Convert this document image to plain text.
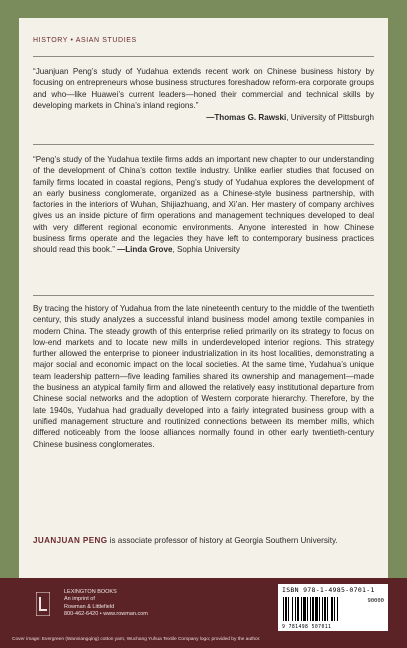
HISTORY • ASIAN STUDIES
“Juanjuan Peng’s study of Yudahua extends recent work on Chinese business history by focusing on entrepreneurs whose business structures foreshadow reform-era corporate groups and who—like Huawei’s current leaders—honed their commercial and technical skills by developing markets in China’s inland regions.”
—Thomas G. Rawski, University of Pittsburgh
“Peng’s study of the Yudahua textile firms adds an important new chapter to our understanding of the development of China’s cotton textile industry. Unlike earlier studies that focused on family firms located in coastal regions, Peng’s study of Yudahua explores the development of an early business conglomerate, organized as a Chinese-style business partnership, with factories in the interiors of Wuhan, Shijiazhuang, and Xi’an. Her mastery of company archives gives us an inside picture of firm operations and management techniques developed to deal with very different regional economic environments. Anyone interested in how Chinese business firms operate and the legacies they have left to contemporary business practices should read this book.” —Linda Grove, Sophia University
By tracing the history of Yudahua from the late nineteenth century to the middle of the twentieth century, this study analyzes a successful inland business model among textile companies in modern China. The steady growth of this enterprise relied primarily on its strategy to focus on low-end markets and to locate new mills in underdeveloped interior regions. This strategy further allowed the enterprise to pioneer industrialization in its host localities, demonstrating a major social and economic impact on the local societies. At the same time, Yudahua’s unique team leadership pattern—five leading families shared its ownership and management—made the business an atypical family firm and allowed the relatively easy institutional departure from Chinese social networks and the adoption of Western corporate hierarchy. Therefore, by the late 1940s, Yudahua had gradually developed into a fairly integrated business group with a unified management structure and routinized connections between its member mills, which differed noticeably from the loose alliances normally found in other early twentieth-century Chinese business conglomerates.
JUANJUAN PENG is associate professor of history at Georgia Southern University.
LEXINGTON BOOKS
An imprint of
Rowman & Littlefield
800-462-6420 • www.rowman.com
ISBN 978-1-4985-0701-1
90000
9 781498 507011
Cover image: Evergreen (Wanniangqing) cotton yarn, Wuchang Yuhua Textile Company logo; provided by the author.
